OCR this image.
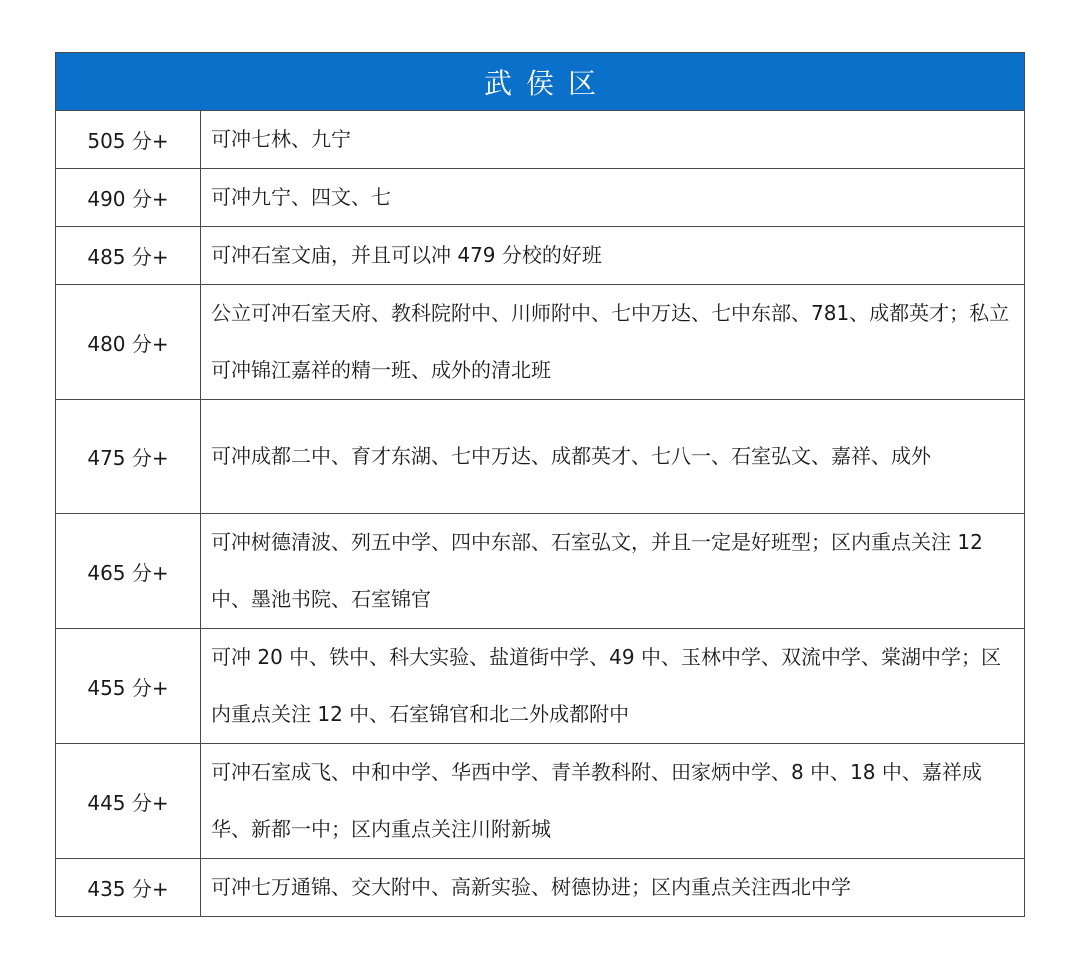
武侯区
505 分+	可冲七林、九宁
490 分+	可冲九宁、四文、七
485 分+	可冲石室文庙，并且可以冲 479 分校的好班
480 分+	公立可冲石室天府、教科院附中、川师附中、七中万达、七中东部、781、成都英才；私立可冲锦江嘉祥的精一班、成外的清北班
475 分+	可冲成都二中、育才东湖、七中万达、成都英才、七八一、石室弘文、嘉祥、成外
465 分+	可冲树德清波、列五中学、四中东部、石室弘文，并且一定是好班型；区内重点关注 12 中、墨池书院、石室锦官
455 分+	可冲 20 中、铁中、科大实验、盐道街中学、49 中、玉林中学、双流中学、棠湖中学；区内重点关注 12 中、石室锦官和北二外成都附中
445 分+	可冲石室成飞、中和中学、华西中学、青羊教科附、田家炳中学、8 中、18 中、嘉祥成华、新都一中；区内重点关注川附新城
435 分+	可冲七万通锦、交大附中、高新实验、树德协进；区内重点关注西北中学
